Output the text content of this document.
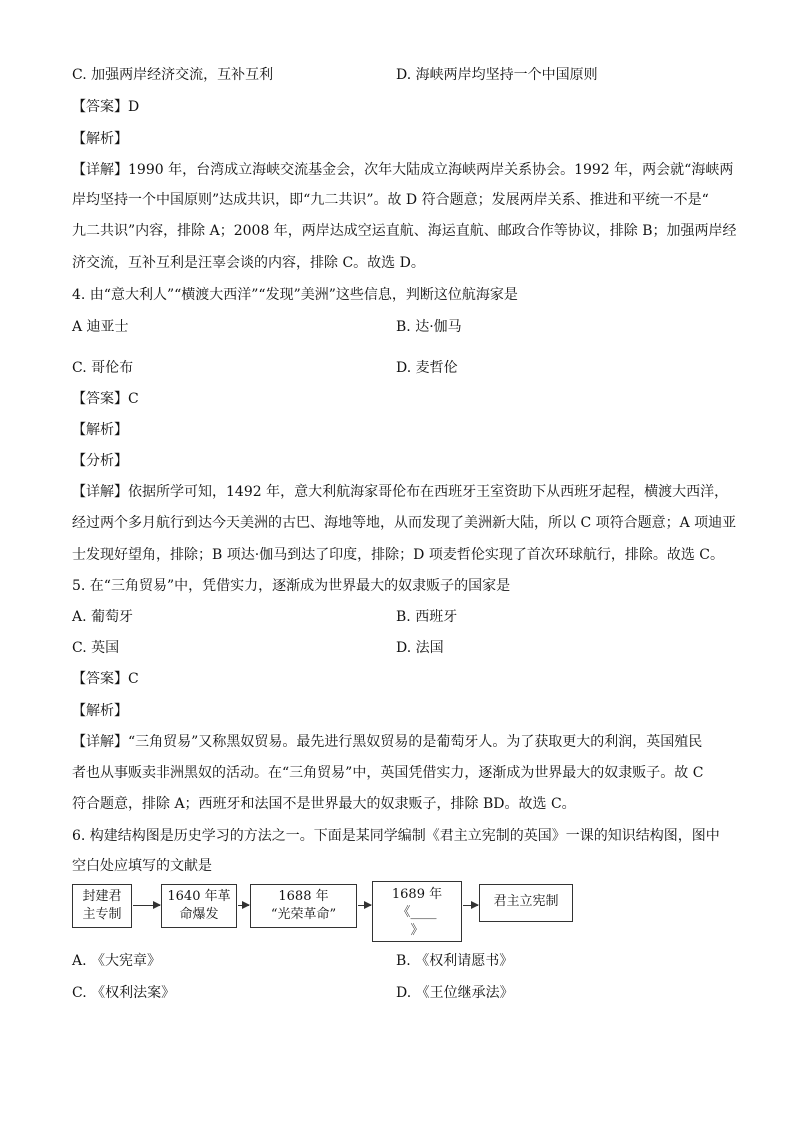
C. 加强两岸经济交流，互补互利	D. 海峡两岸均坚持一个中国原则
【答案】D
【解析】
【详解】1990 年，台湾成立海峡交流基金会，次年大陆成立海峡两岸关系协会。1992 年，两会就“海峡两
岸均坚持一个中国原则”达成共识，即“九二共识”。故 D 符合题意；发展两岸关系、推进和平统一不是“
九二共识”内容，排除 A；2008 年，两岸达成空运直航、海运直航、邮政合作等协议，排除 B；加强两岸经
济交流，互补互利是汪辜会谈的内容，排除 C。故选 D。
4. 由“意大利人”“横渡大西洋”“发现”美洲”这些信息，判断这位航海家是
A 迪亚士	B. 达·伽马
C. 哥伦布	D. 麦哲伦
【答案】C
【解析】
【分析】
【详解】依据所学可知，1492 年，意大利航海家哥伦布在西班牙王室资助下从西班牙起程，横渡大西洋，
经过两个多月航行到达今天美洲的古巴、海地等地，从而发现了美洲新大陆，所以 C 项符合题意；A 项迪亚
士发现好望角，排除；B 项达·伽马到达了印度，排除；D 项麦哲伦实现了首次环球航行，排除。故选 C。
5. 在“三角贸易”中，凭借实力，逐渐成为世界最大的奴隶贩子的国家是
A. 葡萄牙	B. 西班牙
C. 英国	D. 法国
【答案】C
【解析】
【详解】“三角贸易”又称黑奴贸易。最先进行黑奴贸易的是葡萄牙人。为了获取更大的利润，英国殖民
者也从事贩卖非洲黑奴的活动。在“三角贸易”中，英国凭借实力，逐渐成为世界最大的奴隶贩子。故 C
符合题意，排除 A；西班牙和法国不是世界最大的奴隶贩子，排除 BD。故选 C。
6. 构建结构图是历史学习的方法之一。下面是某同学编制《君主立宪制的英国》一课的知识结构图，图中
空白处应填写的文献是
封建君
主专制
1640 年革
命爆发
1688 年
“光荣革命”
1689 年
《____
》
君主立宪制
A. 《大宪章》	B. 《权利请愿书》
C. 《权利法案》	D. 《王位继承法》
